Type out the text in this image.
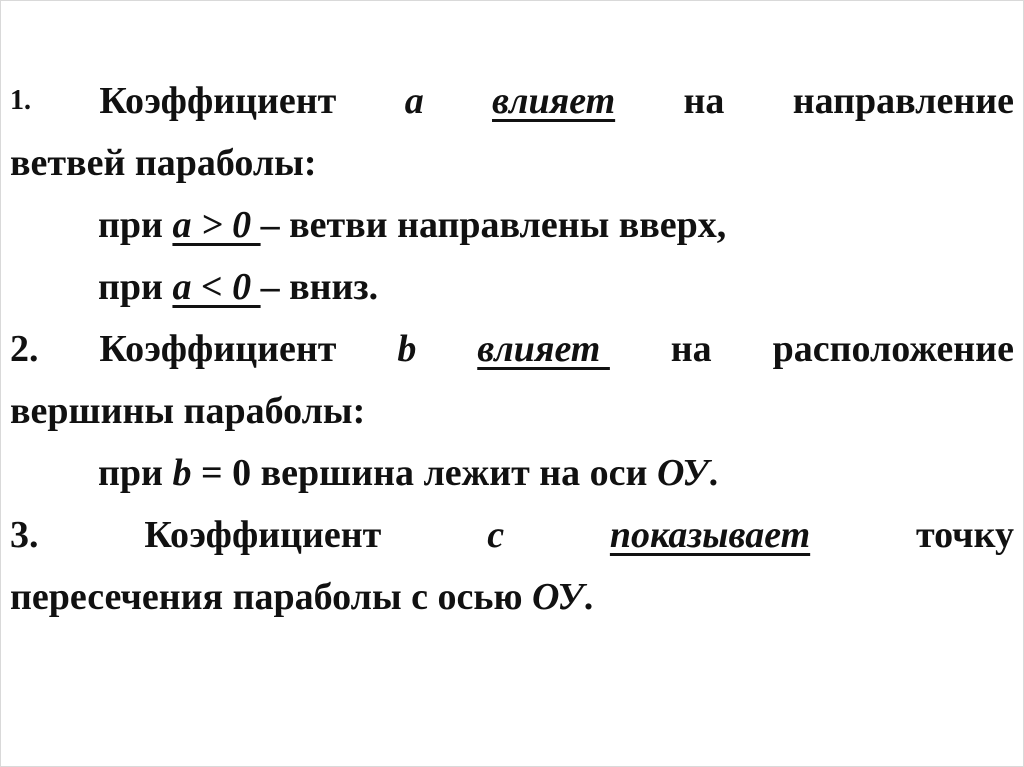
1. Коэффициент а влияет на направление
ветвей параболы:
при а > 0 – ветви направлены вверх,
при а < 0 – вниз.
2. Коэффициент b влияет на расположение
вершины параболы:
при b = 0 вершина лежит на оси ОУ .
3.	Коэффициент	с	показывает	точку
пересечения параболы с осью ОУ .
